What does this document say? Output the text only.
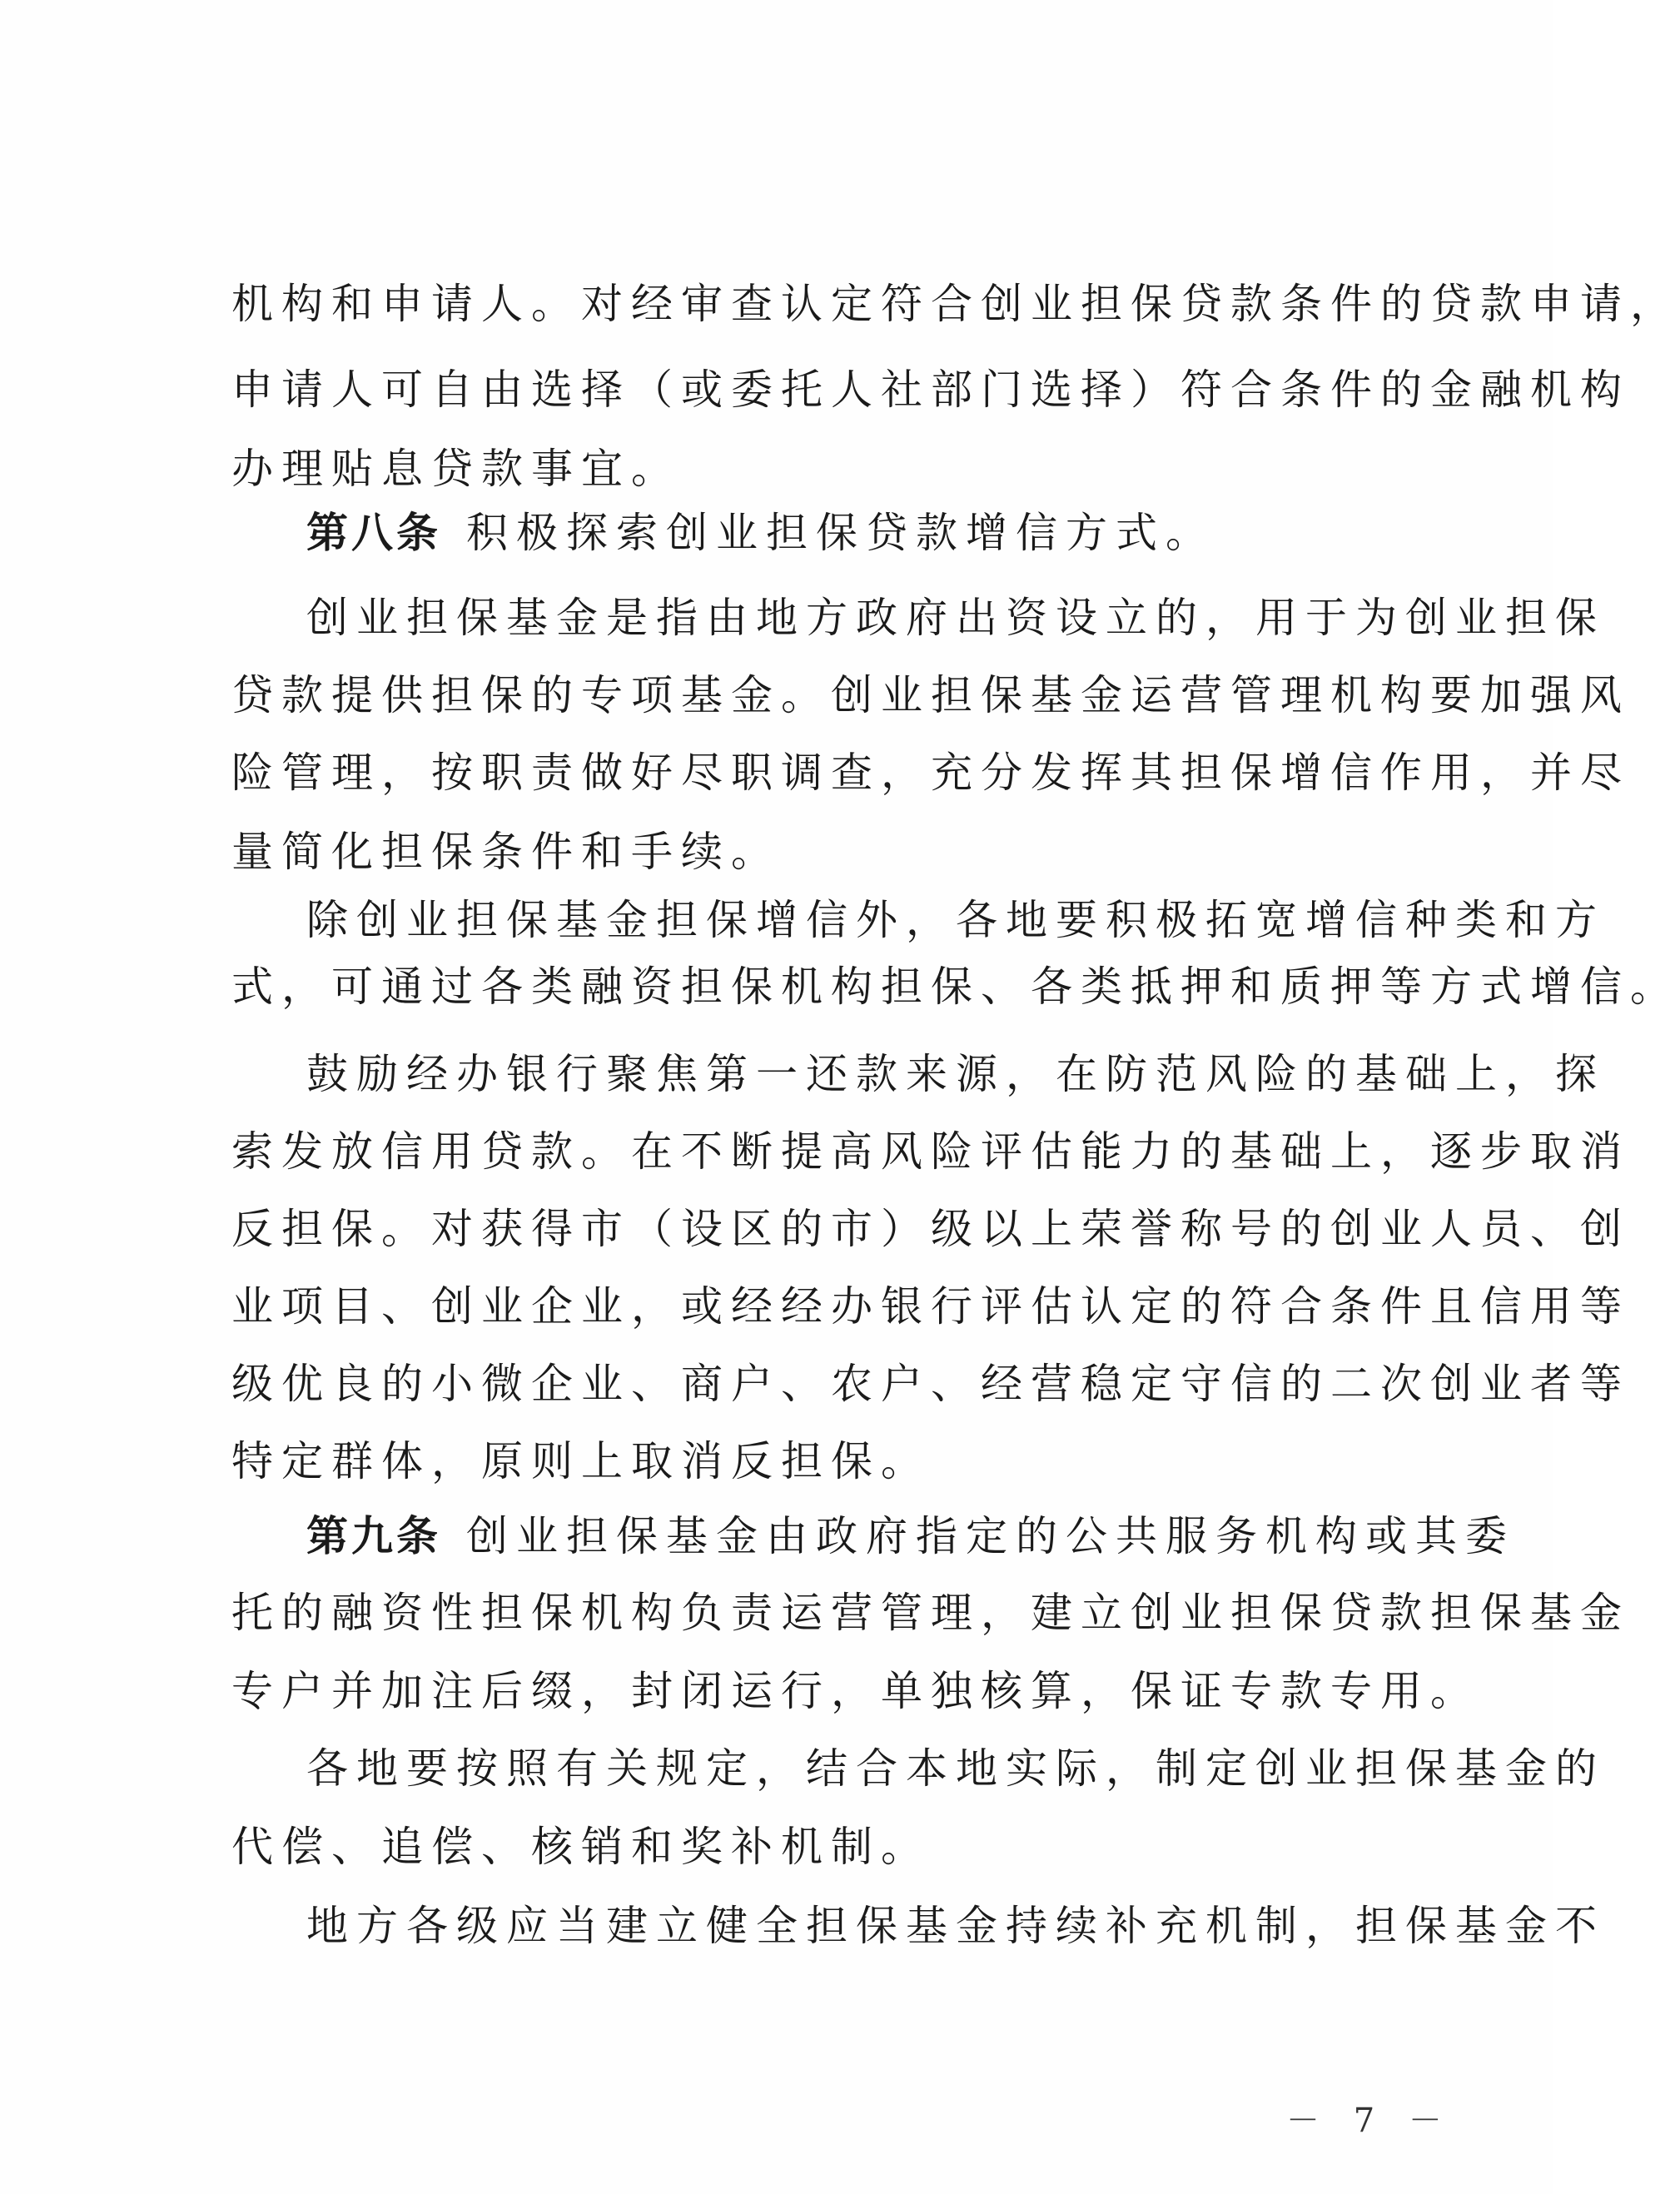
机构和申请人。对经审查认定符合创业担保贷款条件的贷款申请，
申请人可自由选择（或委托人社部门选择）符合条件的金融机构
办理贴息贷款事宜。
第八条 积极探索创业担保贷款增信方式。
创业担保基金是指由地方政府出资设立的，用于为创业担保
贷款提供担保的专项基金。创业担保基金运营管理机构要加强风
险管理，按职责做好尽职调查，充分发挥其担保增信作用，并尽
量简化担保条件和手续。
除创业担保基金担保增信外，各地要积极拓宽增信种类和方
式，可通过各类融资担保机构担保、各类抵押和质押等方式增信。
鼓励经办银行聚焦第一还款来源，在防范风险的基础上，探
索发放信用贷款。在不断提高风险评估能力的基础上，逐步取消
反担保。对获得市（设区的市）级以上荣誉称号的创业人员、创
业项目、创业企业，或经经办银行评估认定的符合条件且信用等
级优良的小微企业、商户、农户、经营稳定守信的二次创业者等
特定群体，原则上取消反担保。
第九条 创业担保基金由政府指定的公共服务机构或其委
托的融资性担保机构负责运营管理，建立创业担保贷款担保基金
专户并加注后缀，封闭运行，单独核算，保证专款专用。
各地要按照有关规定，结合本地实际，制定创业担保基金的
代偿、追偿、核销和奖补机制。
地方各级应当建立健全担保基金持续补充机制，担保基金不
－ 7 －
